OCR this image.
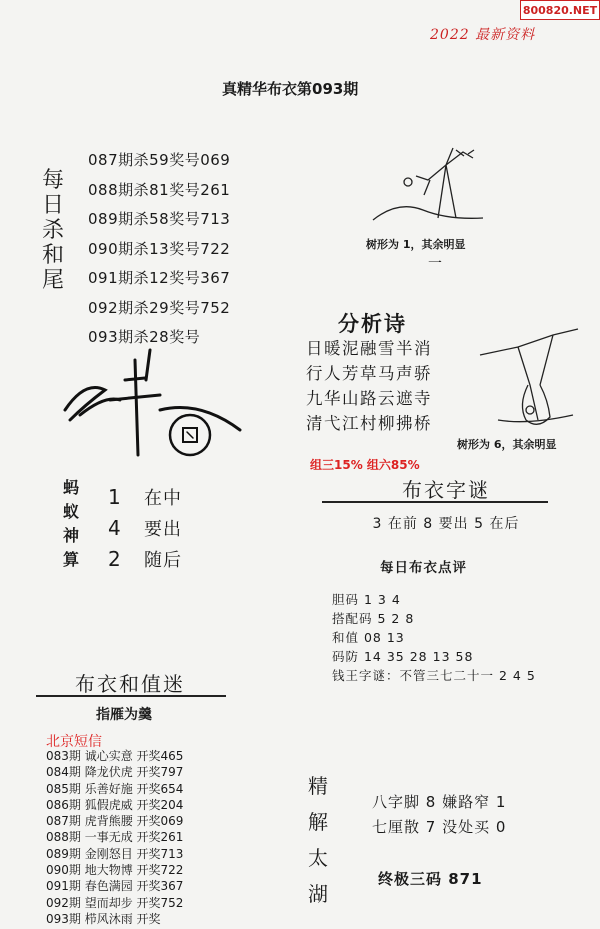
800820.NET
2022 最新资料
真精华布衣第093期
每日杀和尾
087期杀59奖号069
088期杀81奖号261
089期杀58奖号713
090期杀13奖号722
091期杀12奖号367
092期杀29奖号752
093期杀28奖号
树形为 1，其余明显
一
树形为 6，其余明显
分析诗
日暖泥融雪半消
行人芳草马声骄
九华山路云遮寺
清弋江村柳拂桥
组三15% 组六85%
蚂蚁神算
1 在中
4 要出
2 随后
布衣字谜
3 在前 8 要出 5 在后
每日布衣点评
胆码 1 3 4
搭配码 5 2 8
和值 08 13
码防 14 35 28 13 58
钱王字谜：不管三七二十一 2 4 5
布衣和值迷
指雁为羹
北京短信
083期 诚心实意 开奖465
084期 降龙伏虎 开奖797
085期 乐善好施 开奖654
086期 狐假虎威 开奖204
087期 虎背熊腰 开奖069
088期 一事无成 开奖261
089期 金刚怒目 开奖713
090期 地大物博 开奖722
091期 春色满园 开奖367
092期 望而却步 开奖752
093期 栉风沐雨 开奖
精解太湖
八字脚 8 嫌路窄 1
七厘散 7 没处买 0
终极三码 871
